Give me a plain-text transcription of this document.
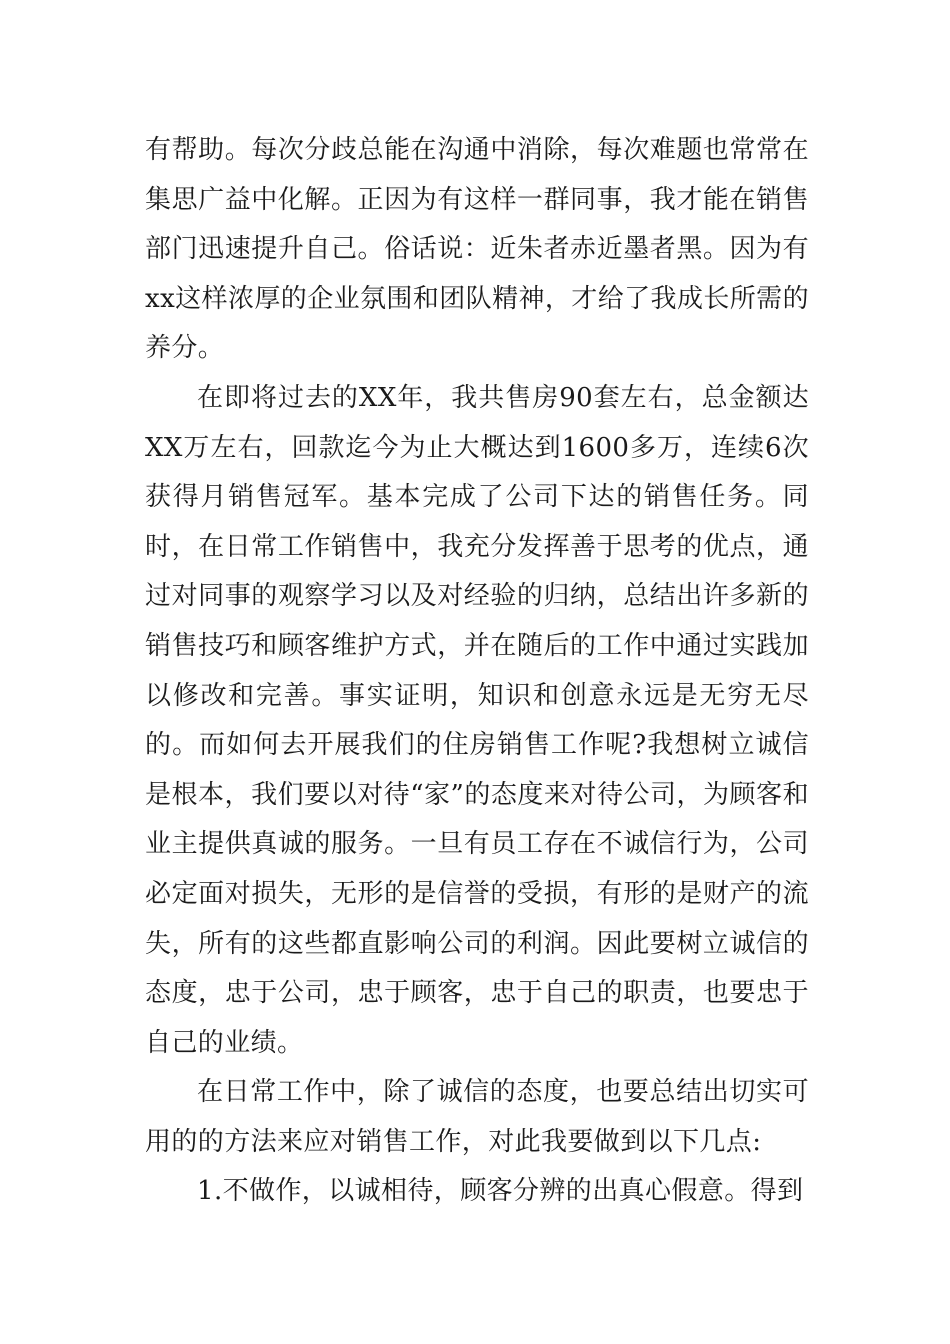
有帮助。每次分歧总能在沟通中消除，每次难题也常常在集思广益中化解。正因为有这样一群同事，我才能在销售部门迅速提升自己。俗话说：近朱者赤近墨者黑。因为有xx这样浓厚的企业氛围和团队精神，才给了我成长所需的养分。

在即将过去的XX年，我共售房90套左右，总金额达XX万左右，回款迄今为止大概达到1600多万，连续6次获得月销售冠军。基本完成了公司下达的销售任务。同时，在日常工作销售中，我充分发挥善于思考的优点，通过对同事的观察学习以及对经验的归纳，总结出许多新的销售技巧和顾客维护方式，并在随后的工作中通过实践加以修改和完善。事实证明，知识和创意永远是无穷无尽的。而如何去开展我们的住房销售工作呢?我想树立诚信是根本，我们要以对待“家”的态度来对待公司，为顾客和业主提供真诚的服务。一旦有员工存在不诚信行为，公司必定面对损失，无形的是信誉的受损，有形的是财产的流失，所有的这些都直影响公司的利润。因此要树立诚信的态度，忠于公司，忠于顾客，忠于自己的职责，也要忠于自己的业绩。

在日常工作中，除了诚信的态度，也要总结出切实可用的的方法来应对销售工作，对此我要做到以下几点:

1.不做作，以诚相待，顾客分辨的出真心假意。得到
